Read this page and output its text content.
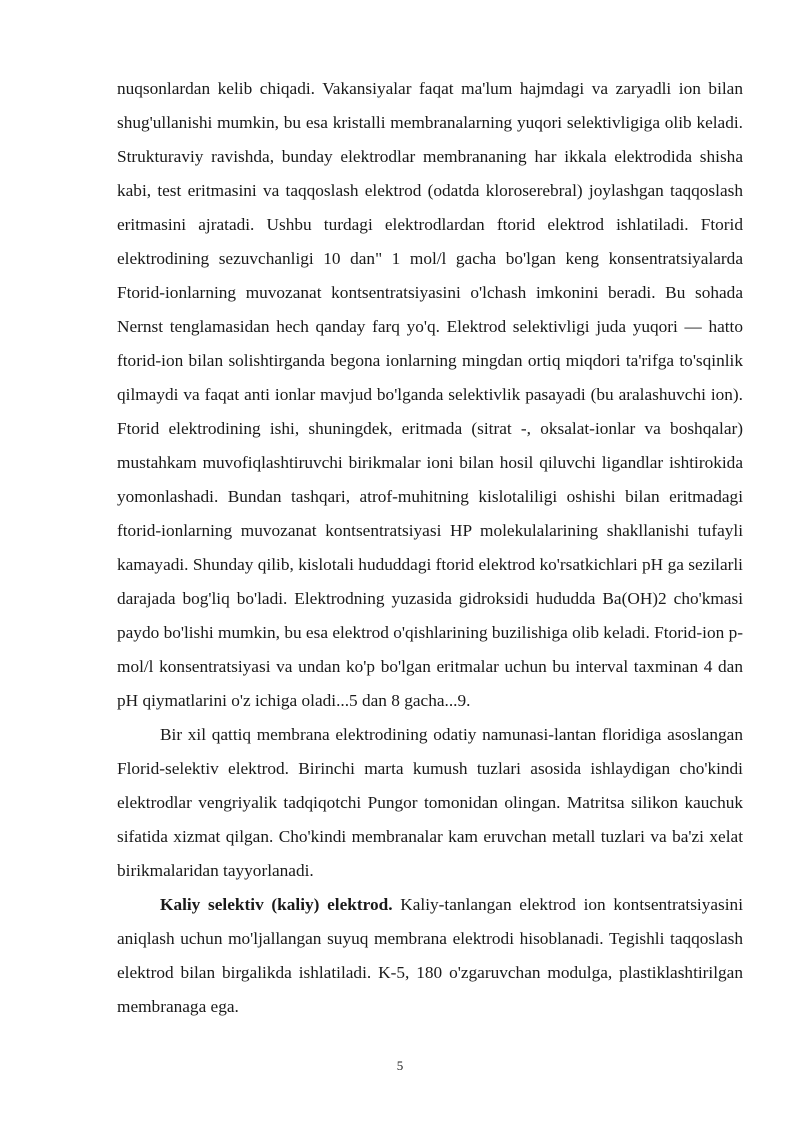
nuqsonlardan kelib chiqadi. Vakansiyalar faqat ma'lum hajmdagi va zaryadli ion bilan shug'ullanishi mumkin, bu esa kristalli membranalarning yuqori selektivligiga olib keladi. Strukturaviy ravishda, bunday elektrodlar membrananing har ikkala elektrodida shisha kabi, test eritmasini va taqqoslash elektrod (odatda kloroserebral) joylashgan taqqoslash eritmasini ajratadi. Ushbu turdagi elektrodlardan ftorid elektrod ishlatiladi. Ftorid elektrodining sezuvchanligi 10 dan" 1 mol/l gacha bo'lgan keng konsentratsiyalarda Ftorid-ionlarning muvozanat kontsentratsiyasini o'lchash imkonini beradi. Bu sohada Nernst tenglamasidan hech qanday farq yo'q. Elektrod selektivligi juda yuqori — hatto ftorid-ion bilan solishtirganda begona ionlarning mingdan ortiq miqdori ta'rifga to'sqinlik qilmaydi va faqat anti ionlar mavjud bo'lganda selektivlik pasayadi (bu aralashuvchi ion). Ftorid elektrodining ishi, shuningdek, eritmada (sitrat -, oksalat-ionlar va boshqalar) mustahkam muvofiqlashtiruvchi birikmalar ioni bilan hosil qiluvchi ligandlar ishtirokida yomonlashadi. Bundan tashqari, atrof-muhitning kislotaliligi oshishi bilan eritmadagi ftorid-ionlarning muvozanat kontsentratsiyasi HP molekulalarining shakllanishi tufayli kamayadi. Shunday qilib, kislotali hududdagi ftorid elektrod ko'rsatkichlari pH ga sezilarli darajada bog'liq bo'ladi. Elektrodning yuzasida gidroksidi hududda Ba(OH)2 cho'kmasi paydo bo'lishi mumkin, bu esa elektrod o'qishlarining buzilishiga olib keladi. Ftorid-ion p-mol/l konsentratsiyasi va undan ko'p bo'lgan eritmalar uchun bu interval taxminan 4 dan pH qiymatlarini o'z ichiga oladi...5 dan 8 gacha...9.

Bir xil qattiq membrana elektrodining odatiy namunasi-lantan floridiga asoslangan Florid-selektiv elektrod. Birinchi marta kumush tuzlari asosida ishlaydigan cho'kindi elektrodlar vengriyalik tadqiqotchi Pungor tomonidan olingan. Matritsa silikon kauchuk sifatida xizmat qilgan. Cho'kindi membranalar kam eruvchan metall tuzlari va ba'zi xelat birikmalaridan tayyorlanadi.

Kaliy selektiv (kaliy) elektrod. Kaliy-tanlangan elektrod ion kontsentratsiyasini aniqlash uchun mo'ljallangan suyuq membrana elektrodi hisoblanadi. Tegishli taqqoslash elektrod bilan birgalikda ishlatiladi. K-5, 180 o'zgaruvchan modulga, plastiklashtirilgan membranaga ega.

5
